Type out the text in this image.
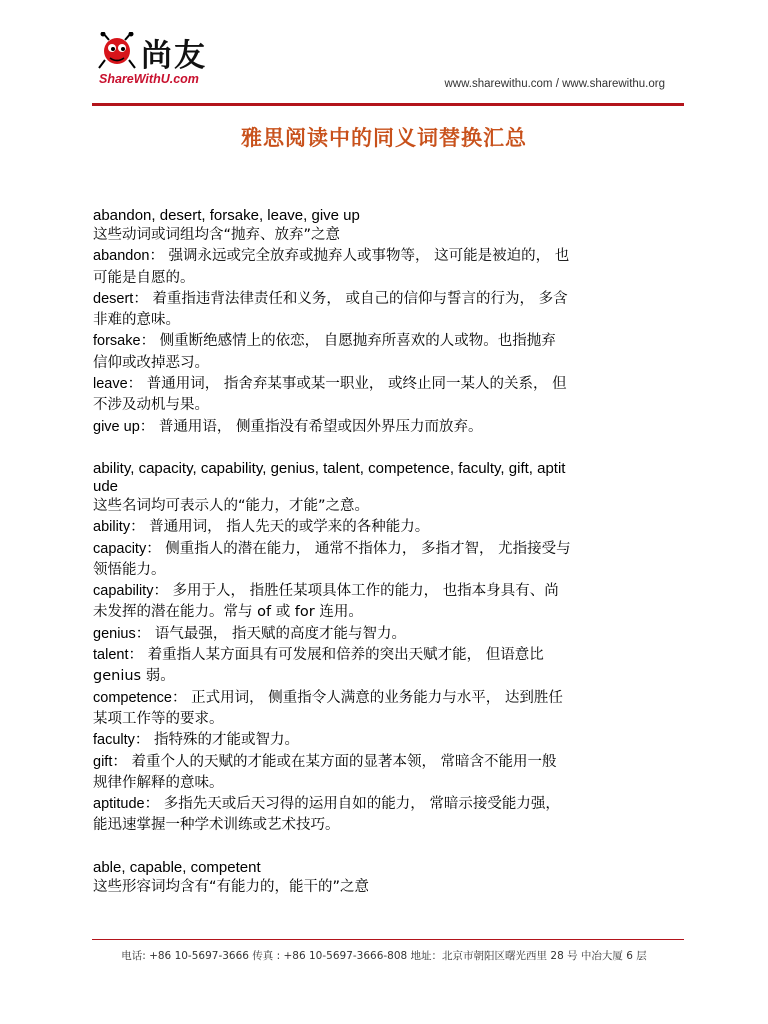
尚友
ShareWithU.com	www.sharewithu.com / www.sharewithu.org
雅思阅读中的同义词替换汇总
abandon, desert, forsake, leave, give up
这些动词或词组均含“抛弃、放弃”之意
abandon： 强调永远或完全放弃或抛弃人或事物等， 这可能是被迫的， 也
可能是自愿的。
desert： 着重指违背法律责任和义务， 或自己的信仰与誓言的行为， 多含
非难的意味。
forsake： 侧重断绝感情上的依恋， 自愿抛弃所喜欢的人或物。也指抛弃
信仰或改掉恶习。
leave： 普通用词， 指舍弃某事或某一职业， 或终止同一某人的关系， 但
不涉及动机与果。
give up： 普通用语， 侧重指没有希望或因外界压力而放弃。
ability, capacity, capability, genius, talent, competence, faculty, gift, aptit
ude
这些名词均可表示人的“能力，才能”之意。
ability： 普通用词， 指人先天的或学来的各种能力。
capacity： 侧重指人的潜在能力， 通常不指体力， 多指才智， 尤指接受与
领悟能力。
capability： 多用于人， 指胜任某项具体工作的能力， 也指本身具有、尚
未发挥的潜在能力。常与 of 或 for 连用。
genius： 语气最强， 指天赋的高度才能与智力。
talent： 着重指人某方面具有可发展和倍养的突出天赋才能， 但语意比
genius 弱。
competence： 正式用词， 侧重指令人满意的业务能力与水平， 达到胜任
某项工作等的要求。
faculty： 指特殊的才能或智力。
gift： 着重个人的天赋的才能或在某方面的显著本领， 常暗含不能用一般
规律作解释的意味。
aptitude： 多指先天或后天习得的运用自如的能力， 常暗示接受能力强，
能迅速掌握一种学术训练或艺术技巧。
able, capable, competent
这些形容词均含有“有能力的，能干的”之意
电话: +86 10-5697-3666 传真 : +86 10-5697-3666-808 地址：北京市朝阳区曙光西里 28 号 中冶大厦 6 层
